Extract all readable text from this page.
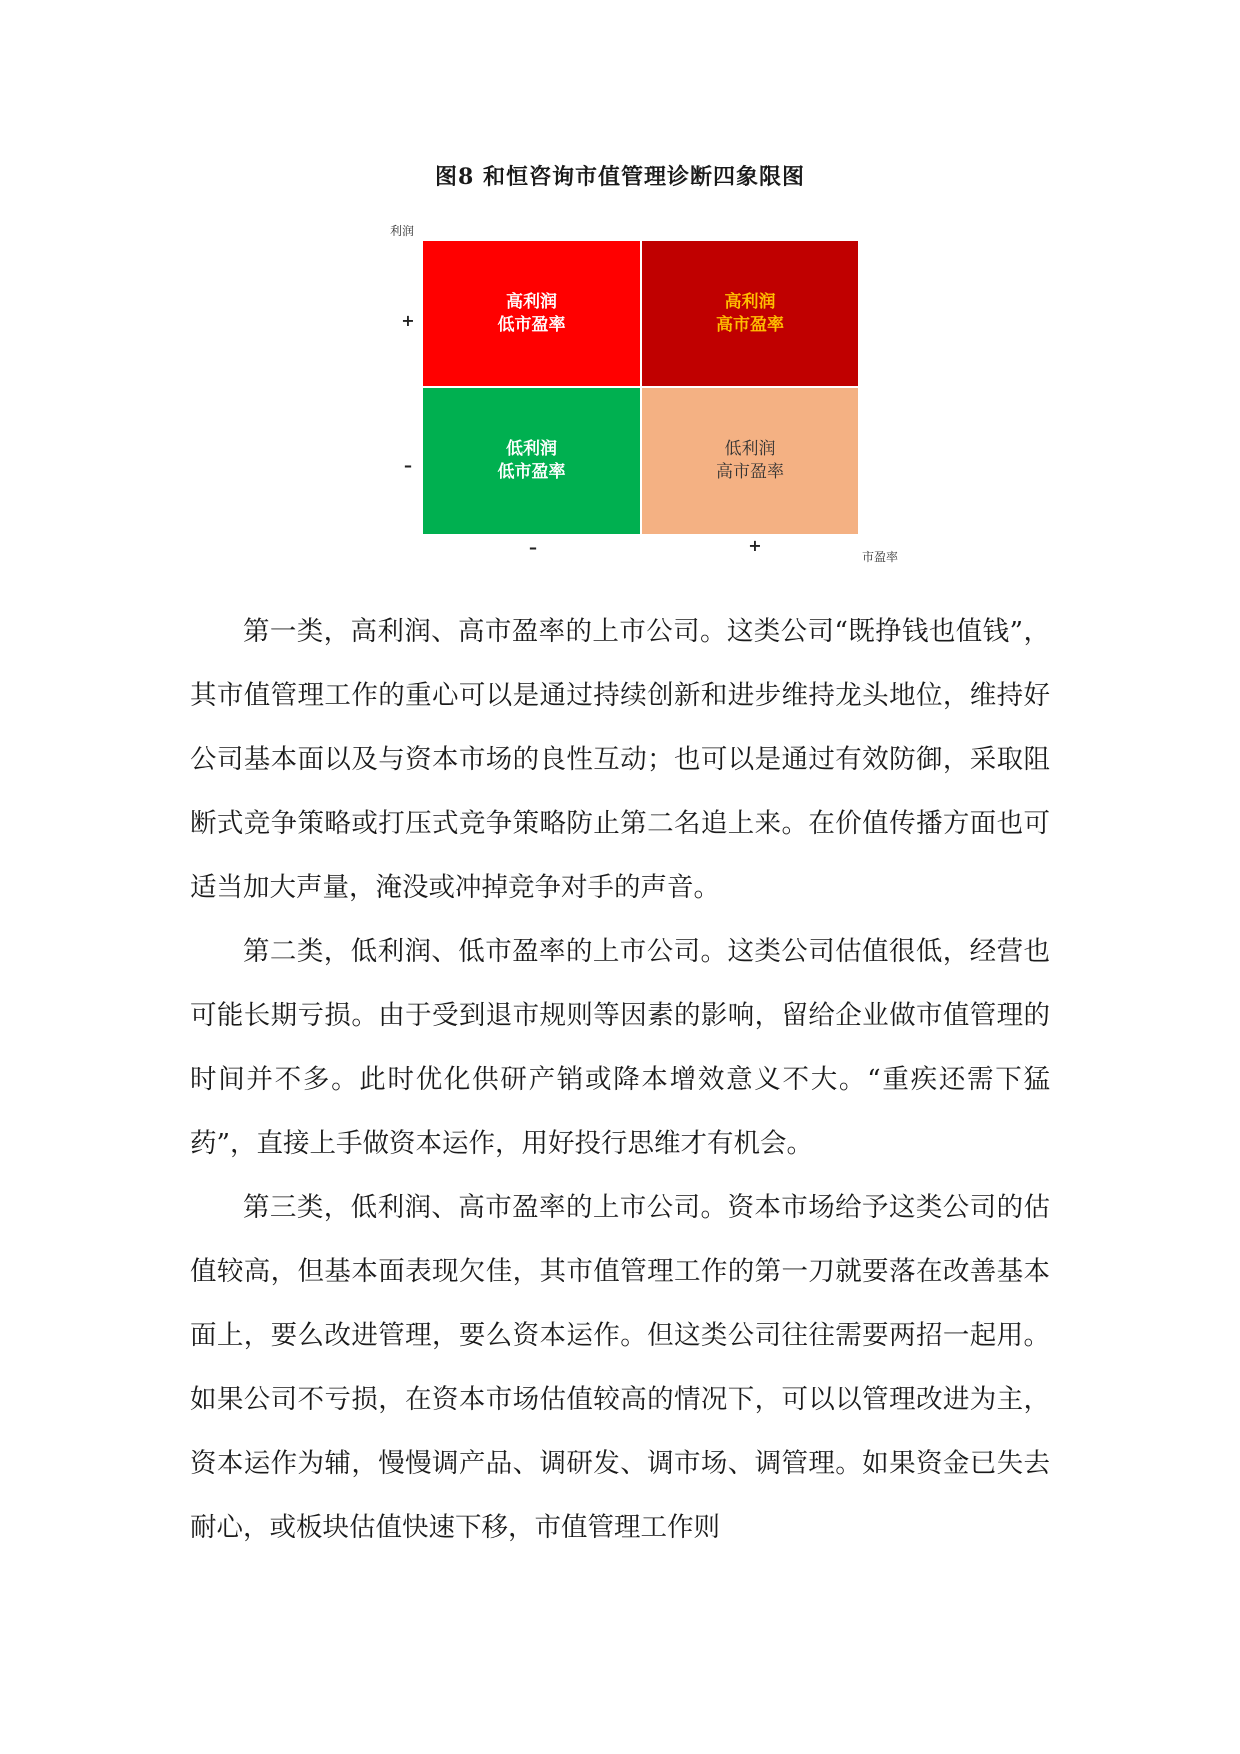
图8 和恒咨询市值管理诊断四象限图
利润
+
–
高利润
低市盈率
高利润
高市盈率
低利润
低市盈率
低利润
高市盈率
–	+
市盈率

第一类，高利润、高市盈率的上市公司。这类公司“既挣钱也值钱”，其市值管理工作的重心可以是通过持续创新和进步维持龙头地位，维持好公司基本面以及与资本市场的良性互动；也可以是通过有效防御，采取阻断式竞争策略或打压式竞争策略防止第二名追上来。在价值传播方面也可适当加大声量，淹没或冲掉竞争对手的声音。

第二类，低利润、低市盈率的上市公司。这类公司估值很低，经营也可能长期亏损。由于受到退市规则等因素的影响，留给企业做市值管理的时间并不多。此时优化供研产销或降本增效意义不大。“重疾还需下猛药”，直接上手做资本运作，用好投行思维才有机会。

第三类，低利润、高市盈率的上市公司。资本市场给予这类公司的估值较高，但基本面表现欠佳，其市值管理工作的第一刀就要落在改善基本面上，要么改进管理，要么资本运作。但这类公司往往需要两招一起用。如果公司不亏损，在资本市场估值较高的情况下，可以以管理改进为主，资本运作为辅，慢慢调产品、调研发、调市场、调管理。如果资金已失去耐心，或板块估值快速下移，市值管理工作则
